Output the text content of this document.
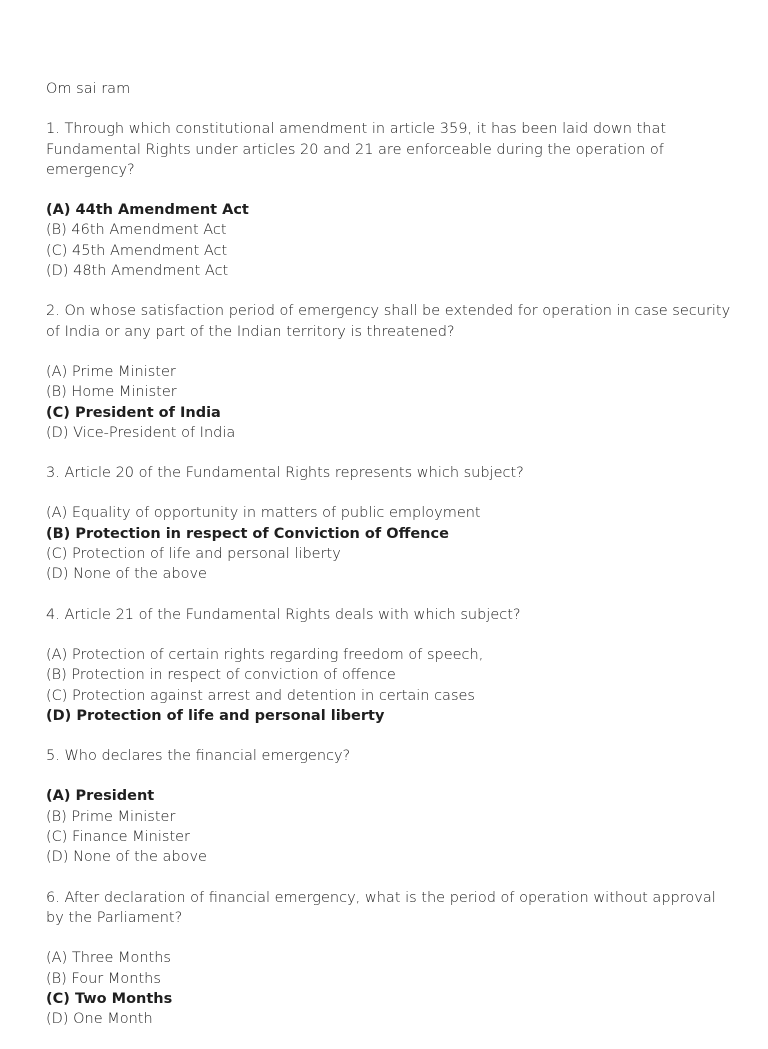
Om sai ram

1. Through which constitutional amendment in article 359, it has been laid down that Fundamental Rights under articles 20 and 21 are enforceable during the operation of emergency?

(A) 44th Amendment Act
(B) 46th Amendment Act
(C) 45th Amendment Act
(D) 48th Amendment Act

2. On whose satisfaction period of emergency shall be extended for operation in case security of India or any part of the Indian territory is threatened?

(A) Prime Minister
(B) Home Minister
(C) President of India
(D) Vice-President of India

3. Article 20 of the Fundamental Rights represents which subject?

(A) Equality of opportunity in matters of public employment
(B) Protection in respect of Conviction of Offence
(C) Protection of life and personal liberty
(D) None of the above

4. Article 21 of the Fundamental Rights deals with which subject?

(A) Protection of certain rights regarding freedom of speech,
(B) Protection in respect of conviction of offence
(C) Protection against arrest and detention in certain cases
(D) Protection of life and personal liberty

5. Who declares the financial emergency?

(A) President
(B) Prime Minister
(C) Finance Minister
(D) None of the above

6. After declaration of financial emergency, what is the period of operation without approval by the Parliament?

(A) Three Months
(B) Four Months
(C) Two Months
(D) One Month
